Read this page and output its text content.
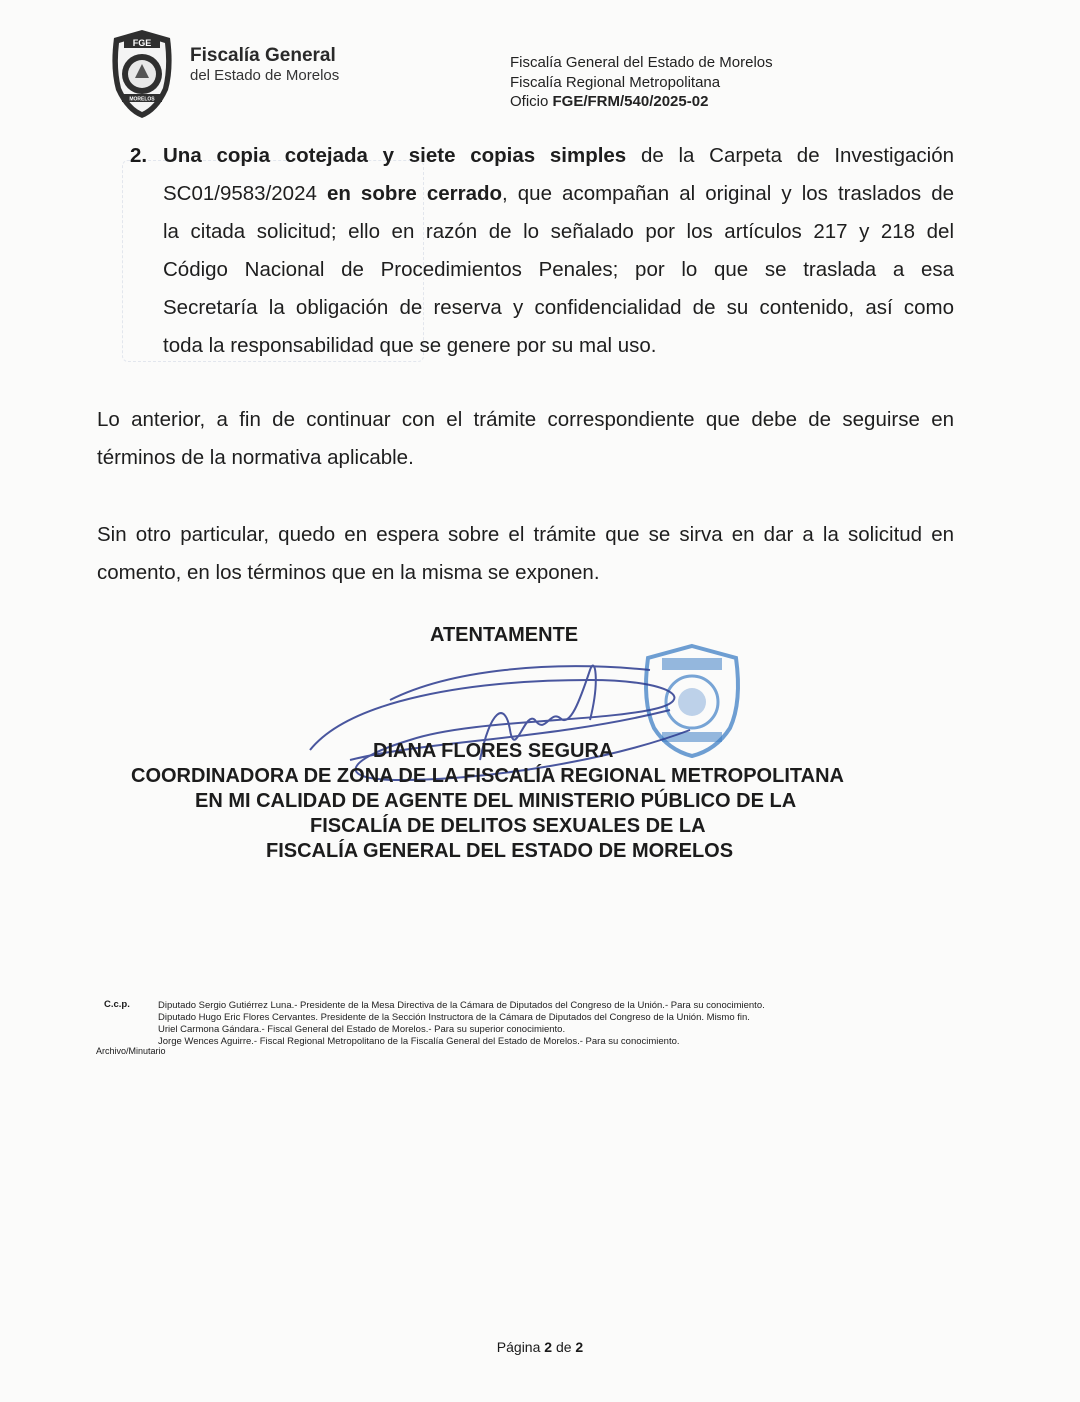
FGE
MORELOS
Fiscalía General
del Estado de Morelos
Fiscalía General del Estado de Morelos
Fiscalía Regional Metropolitana
Oficio FGE/FRM/540/2025-02
2. Una copia cotejada y siete copias simples de la Carpeta de Investigación
SC01/9583/2024 en sobre cerrado, que acompañan al original y los traslados de
la citada solicitud; ello en razón de lo señalado por los artículos 217 y 218 del
Código Nacional de Procedimientos Penales; por lo que se traslada a esa
Secretaría la obligación de reserva y confidencialidad de su contenido, así como
toda la responsabilidad que se genere por su mal uso.
Lo anterior, a fin de continuar con el trámite correspondiente que debe de seguirse en
términos de la normativa aplicable.
Sin otro particular, quedo en espera sobre el trámite que se sirva en dar a la solicitud en
comento, en los términos que en la misma se exponen.
ATENTAMENTE
DIANA FLORES SEGURA
COORDINADORA DE ZONA DE LA FISCALÍA REGIONAL METROPOLITANA
EN MI CALIDAD DE AGENTE DEL MINISTERIO PÚBLICO DE LA
FISCALÍA DE DELITOS SEXUALES DE LA
FISCALÍA GENERAL DEL ESTADO DE MORELOS
C.c.p.	Diputado Sergio Gutiérrez Luna.- Presidente de la Mesa Directiva de la Cámara de Diputados del Congreso de la Unión.- Para su conocimiento.
Diputado Hugo Eric Flores Cervantes. Presidente de la Sección Instructora de la Cámara de Diputados del Congreso de la Unión. Mismo fin.
Uriel Carmona Gándara.- Fiscal General del Estado de Morelos.- Para su superior conocimiento.
Jorge Wences Aguirre.- Fiscal Regional Metropolitano de la Fiscalía General del Estado de Morelos.- Para su conocimiento.
Archivo/Minutario
Página 2 de 2
